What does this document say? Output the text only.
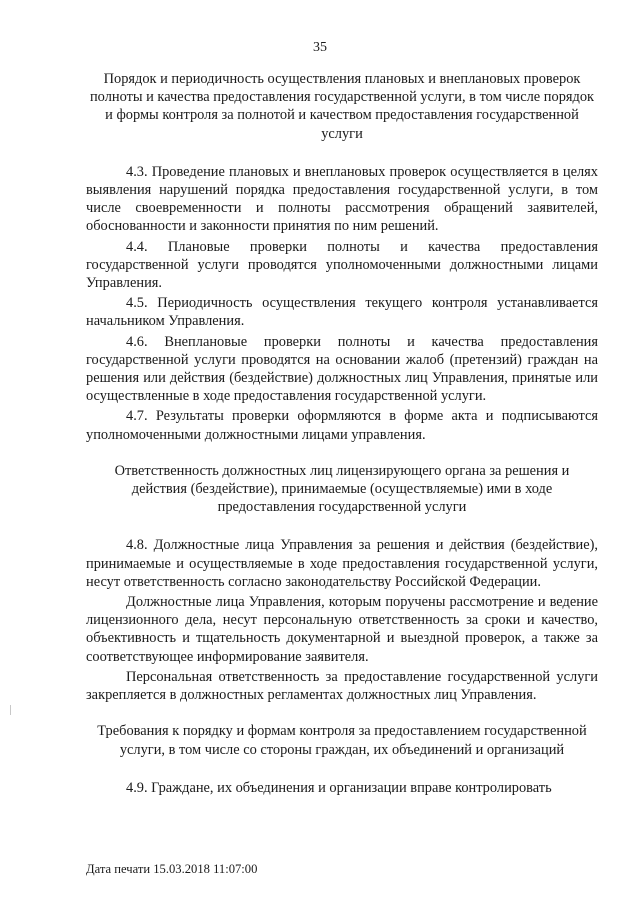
35
Порядок и периодичность осуществления плановых и внеплановых проверок полноты и качества предоставления государственной услуги, в том числе порядок и формы контроля за полнотой и качеством предоставления государственной услуги

4.3. Проведение плановых и внеплановых проверок осуществляется в целях выявления нарушений порядка предоставления государственной услуги, в том числе своевременности и полноты рассмотрения обращений заявителей, обоснованности и законности принятия по ним решений.

4.4. Плановые проверки полноты и качества предоставления государственной услуги проводятся уполномоченными должностными лицами Управления.

4.5. Периодичность осуществления текущего контроля устанавливается начальником Управления.

4.6. Внеплановые проверки полноты и качества предоставления государственной услуги проводятся на основании жалоб (претензий) граждан на решения или действия (бездействие) должностных лиц Управления, принятые или осуществленные в ходе предоставления государственной услуги.

4.7. Результаты проверки оформляются в форме акта и подписываются уполномоченными должностными лицами управления.

Ответственность должностных лиц лицензирующего органа за решения и действия (бездействие), принимаемые (осуществляемые) ими в ходе предоставления государственной услуги

4.8. Должностные лица Управления за решения и действия (бездействие), принимаемые и осуществляемые в ходе предоставления государственной услуги, несут ответственность согласно законодательству Российской Федерации.

Должностные лица Управления, которым поручены рассмотрение и ведение лицензионного дела, несут персональную ответственность за сроки и качество, объективность и тщательность документарной и выездной проверок, а также за соответствующее информирование заявителя.

Персональная ответственность за предоставление государственной услуги закрепляется в должностных регламентах должностных лиц Управления.

Требования к порядку и формам контроля за предоставлением государственной услуги, в том числе со стороны граждан, их объединений и организаций

4.9. Граждане, их объединения и организации вправе контролировать

Дата печати 15.03.2018 11:07:00
